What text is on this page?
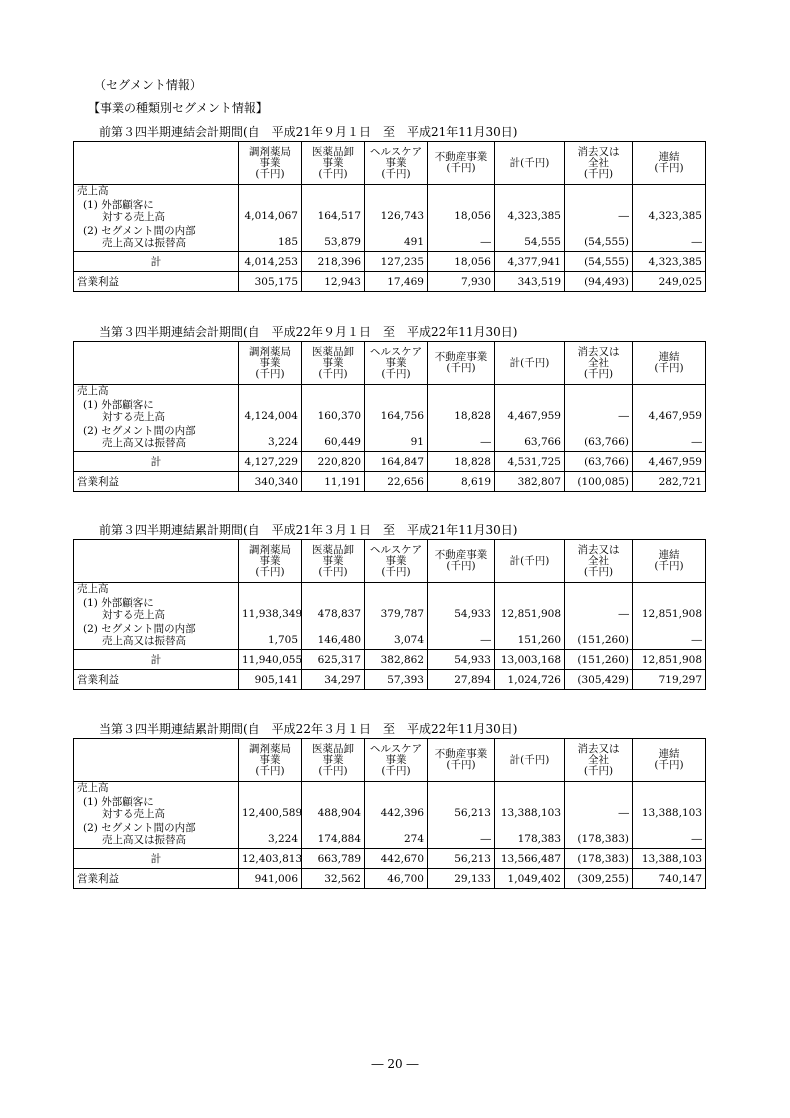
（セグメント情報）
【事業の種類別セグメント情報】
前第３四半期連結会計期間(自　平成21年９月１日　至　平成21年11月30日)
	調剤薬局
事業
(千円)	医薬品卸
事業
(千円)	ヘルスケア
事業
(千円)	不動産事業
(千円)	計(千円)	消去又は
全社
(千円)	連結
(千円)
売上高							

(1) 外部顧客に
対する売上高	4,014,067	164,517	126,743	18,056	4,323,385	―	4,323,385

(2) セグメント間の内部
売上高又は振替高	185	53,879	491	―	54,555	(54,555)	―
計	4,014,253	218,396	127,235	18,056	4,377,941	(54,555)	4,323,385
営業利益	305,175	12,943	17,469	7,930	343,519	(94,493)	249,025
当第３四半期連結会計期間(自　平成22年９月１日　至　平成22年11月30日)
	調剤薬局
事業
(千円)	医薬品卸
事業
(千円)	ヘルスケア
事業
(千円)	不動産事業
(千円)	計(千円)	消去又は
全社
(千円)	連結
(千円)
売上高							

(1) 外部顧客に
対する売上高	4,124,004	160,370	164,756	18,828	4,467,959	―	4,467,959

(2) セグメント間の内部
売上高又は振替高	3,224	60,449	91	―	63,766	(63,766)	―
計	4,127,229	220,820	164,847	18,828	4,531,725	(63,766)	4,467,959
営業利益	340,340	11,191	22,656	8,619	382,807	(100,085)	282,721
前第３四半期連結累計期間(自　平成21年３月１日　至　平成21年11月30日)
	調剤薬局
事業
(千円)	医薬品卸
事業
(千円)	ヘルスケア
事業
(千円)	不動産事業
(千円)	計(千円)	消去又は
全社
(千円)	連結
(千円)
売上高							

(1) 外部顧客に
対する売上高	11,938,349	478,837	379,787	54,933	12,851,908	―	12,851,908

(2) セグメント間の内部
売上高又は振替高	1,705	146,480	3,074	―	151,260	(151,260)	―
計	11,940,055	625,317	382,862	54,933	13,003,168	(151,260)	12,851,908
営業利益	905,141	34,297	57,393	27,894	1,024,726	(305,429)	719,297
当第３四半期連結累計期間(自　平成22年３月１日　至　平成22年11月30日)
	調剤薬局
事業
(千円)	医薬品卸
事業
(千円)	ヘルスケア
事業
(千円)	不動産事業
(千円)	計(千円)	消去又は
全社
(千円)	連結
(千円)
売上高							

(1) 外部顧客に
対する売上高	12,400,589	488,904	442,396	56,213	13,388,103	―	13,388,103

(2) セグメント間の内部
売上高又は振替高	3,224	174,884	274	―	178,383	(178,383)	―
計	12,403,813	663,789	442,670	56,213	13,566,487	(178,383)	13,388,103
営業利益	941,006	32,562	46,700	29,133	1,049,402	(309,255)	740,147
― 20 ―
